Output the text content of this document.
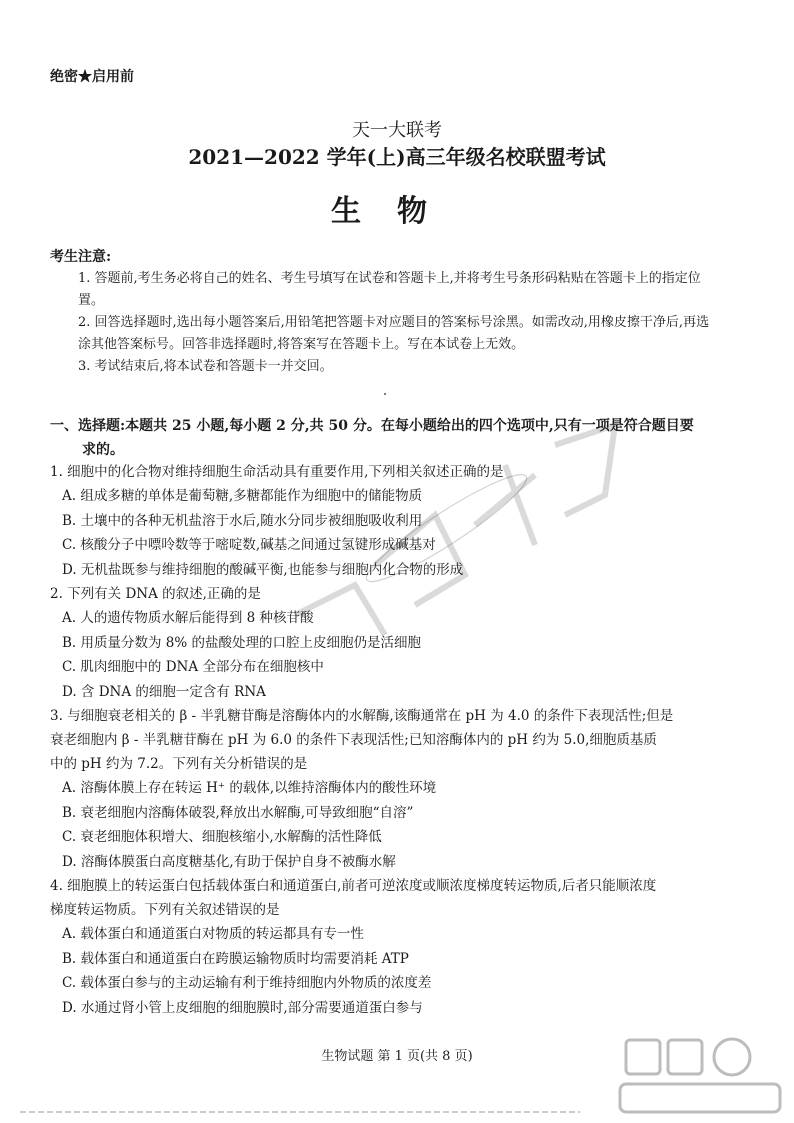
绝密★启用前
天一大联考
2021—2022 学年(上)高三年级名校联盟考试
生物
考生注意:
1. 答题前,考生务必将自己的姓名、考生号填写在试卷和答题卡上,并将考生号条形码粘贴在答题卡上的指定位置。
2. 回答选择题时,选出每小题答案后,用铅笔把答题卡对应题目的答案标号涂黑。如需改动,用橡皮擦干净后,再选涂其他答案标号。回答非选择题时,将答案写在答题卡上。写在本试卷上无效。
3. 考试结束后,将本试卷和答题卡一并交回。
一、选择题:本题共 25 小题,每小题 2 分,共 50 分。在每小题给出的四个选项中,只有一项是符合题目要
求的。
1. 细胞中的化合物对维持细胞生命活动具有重要作用,下列相关叙述正确的是
A. 组成多糖的单体是葡萄糖,多糖都能作为细胞中的储能物质
B. 土壤中的各种无机盐溶于水后,随水分同步被细胞吸收利用
C. 核酸分子中嘌呤数等于嘧啶数,碱基之间通过氢键形成碱基对
D. 无机盐既参与维持细胞的酸碱平衡,也能参与细胞内化合物的形成
2. 下列有关 DNA 的叙述,正确的是
A. 人的遗传物质水解后能得到 8 种核苷酸
B. 用质量分数为 8% 的盐酸处理的口腔上皮细胞仍是活细胞
C. 肌肉细胞中的 DNA 全部分布在细胞核中
D. 含 DNA 的细胞一定含有 RNA
3. 与细胞衰老相关的 β - 半乳糖苷酶是溶酶体内的水解酶,该酶通常在 pH 为 4.0 的条件下表现活性;但是
衰老细胞内 β - 半乳糖苷酶在 pH 为 6.0 的条件下表现活性;已知溶酶体内的 pH 约为 5.0,细胞质基质
中的 pH 约为 7.2。下列有关分析错误的是
A. 溶酶体膜上存在转运 H⁺ 的载体,以维持溶酶体内的酸性环境
B. 衰老细胞内溶酶体破裂,释放出水解酶,可导致细胞“自溶”
C. 衰老细胞体积增大、细胞核缩小,水解酶的活性降低
D. 溶酶体膜蛋白高度糖基化,有助于保护自身不被酶水解
4. 细胞膜上的转运蛋白包括载体蛋白和通道蛋白,前者可逆浓度或顺浓度梯度转运物质,后者只能顺浓度
梯度转运物质。下列有关叙述错误的是
A. 载体蛋白和通道蛋白对物质的转运都具有专一性
B. 载体蛋白和通道蛋白在跨膜运输物质时均需要消耗 ATP
C. 载体蛋白参与的主动运输有利于维持细胞内外物质的浓度差
D. 水通过肾小管上皮细胞的细胞膜时,部分需要通道蛋白参与
生物试题 第 1 页(共 8 页)
